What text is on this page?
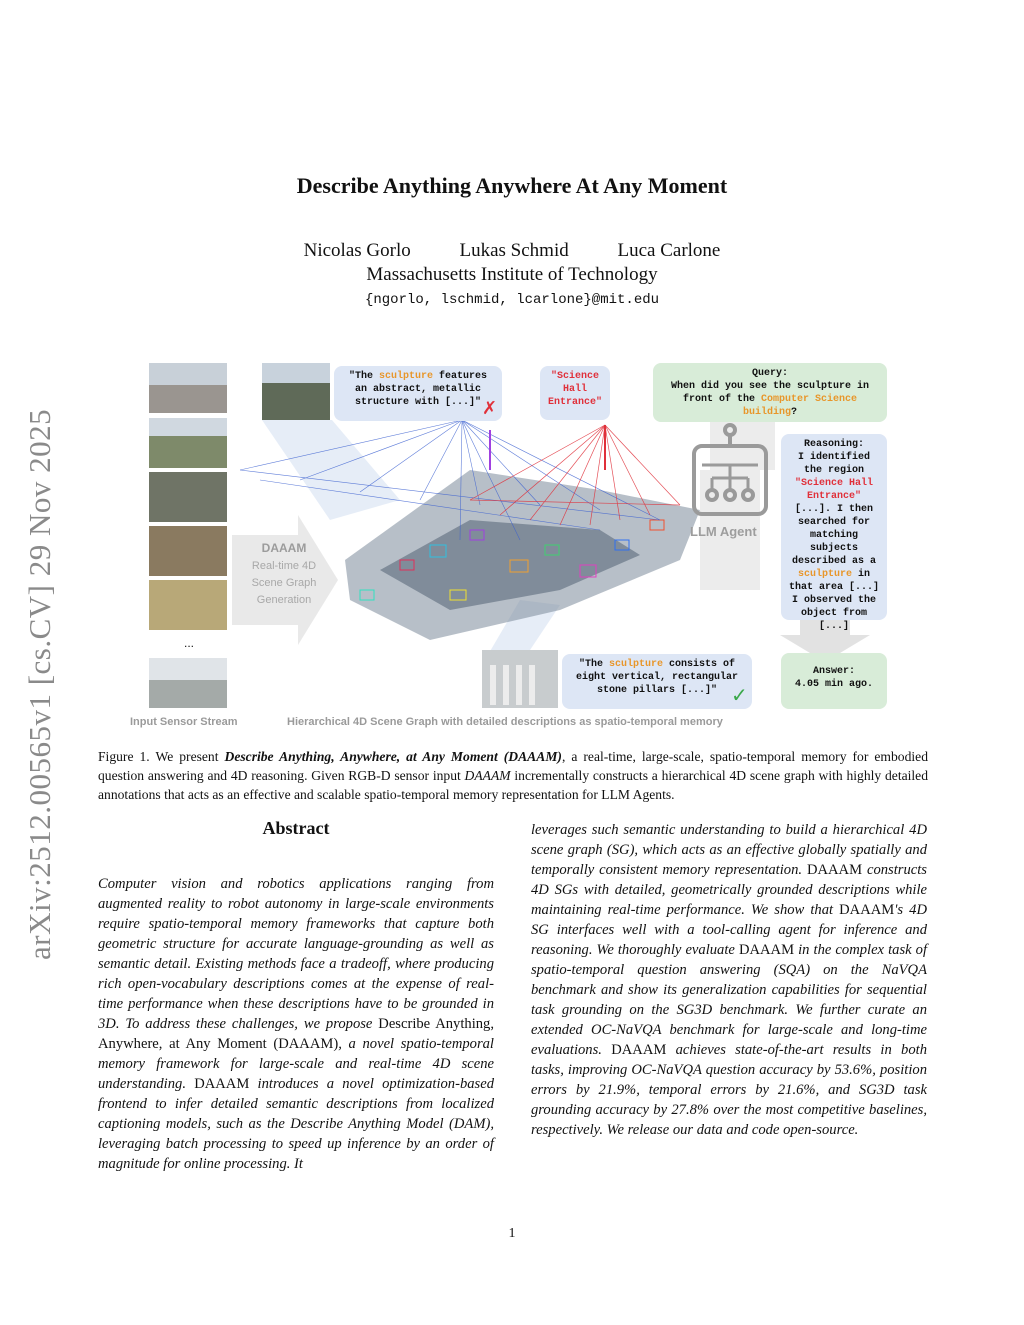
arXiv:2512.00565v1 [cs.CV] 29 Nov 2025
Describe Anything Anywhere At Any Moment
Nicolas Gorlo	Lukas Schmid	Luca Carlone
Massachusetts Institute of Technology
{ngorlo, lschmid, lcarlone}@mit.edu
...
"The sculpture features an abstract, metallic structure with [...]" ✗
"Science Hall Entrance"
Query:
When did you see the sculpture in front of the Computer Science building?
Reasoning:
I identified the region "Science Hall Entrance" [...]. I then searched for matching subjects described as a sculpture in that area [...] I observed the object from [...]
"The sculpture consists of eight vertical, rectangular stone pillars [...]" ✓
Answer:
4.05 min ago.
DAAAM
Real-time 4D
Scene Graph
Generation
LLM Agent
Input Sensor Stream	Hierarchical 4D Scene Graph with detailed descriptions as spatio-temporal memory
Figure 1. We present Describe Anything, Anywhere, at Any Moment (DAAAM), a real-time, large-scale, spatio-temporal memory for embodied question answering and 4D reasoning. Given RGB-D sensor input DAAAM incrementally constructs a hierarchical 4D scene graph with highly detailed annotations that acts as an effective and scalable spatio-temporal memory representation for LLM Agents.
Abstract
Computer vision and robotics applications ranging from augmented reality to robot autonomy in large-scale environments require spatio-temporal memory frameworks that capture both geometric structure for accurate language-grounding as well as semantic detail. Existing methods face a tradeoff, where producing rich open-vocabulary descriptions comes at the expense of real-time performance when these descriptions have to be grounded in 3D. To address these challenges, we propose Describe Anything, Anywhere, at Any Moment (DAAAM), a novel spatio-temporal memory framework for large-scale and real-time 4D scene understanding. DAAAM introduces a novel optimization-based frontend to infer detailed semantic descriptions from localized captioning models, such as the Describe Anything Model (DAM), leveraging batch processing to speed up inference by an order of magnitude for online processing. It
leverages such semantic understanding to build a hierarchical 4D scene graph (SG), which acts as an effective globally spatially and temporally consistent memory representation. DAAAM constructs 4D SGs with detailed, geometrically grounded descriptions while maintaining real-time performance. We show that DAAAM's 4D SG interfaces well with a tool-calling agent for inference and reasoning. We thoroughly evaluate DAAAM in the complex task of spatio-temporal question answering (SQA) on the NaVQA benchmark and show its generalization capabilities for sequential task grounding on the SG3D benchmark. We further curate an extended OC-NaVQA benchmark for large-scale and long-time evaluations. DAAAM achieves state-of-the-art results in both tasks, improving OC-NaVQA question accuracy by 53.6%, position errors by 21.9%, temporal errors by 21.6%, and SG3D task grounding accuracy by 27.8% over the most competitive baselines, respectively. We release our data and code open-source.
1
